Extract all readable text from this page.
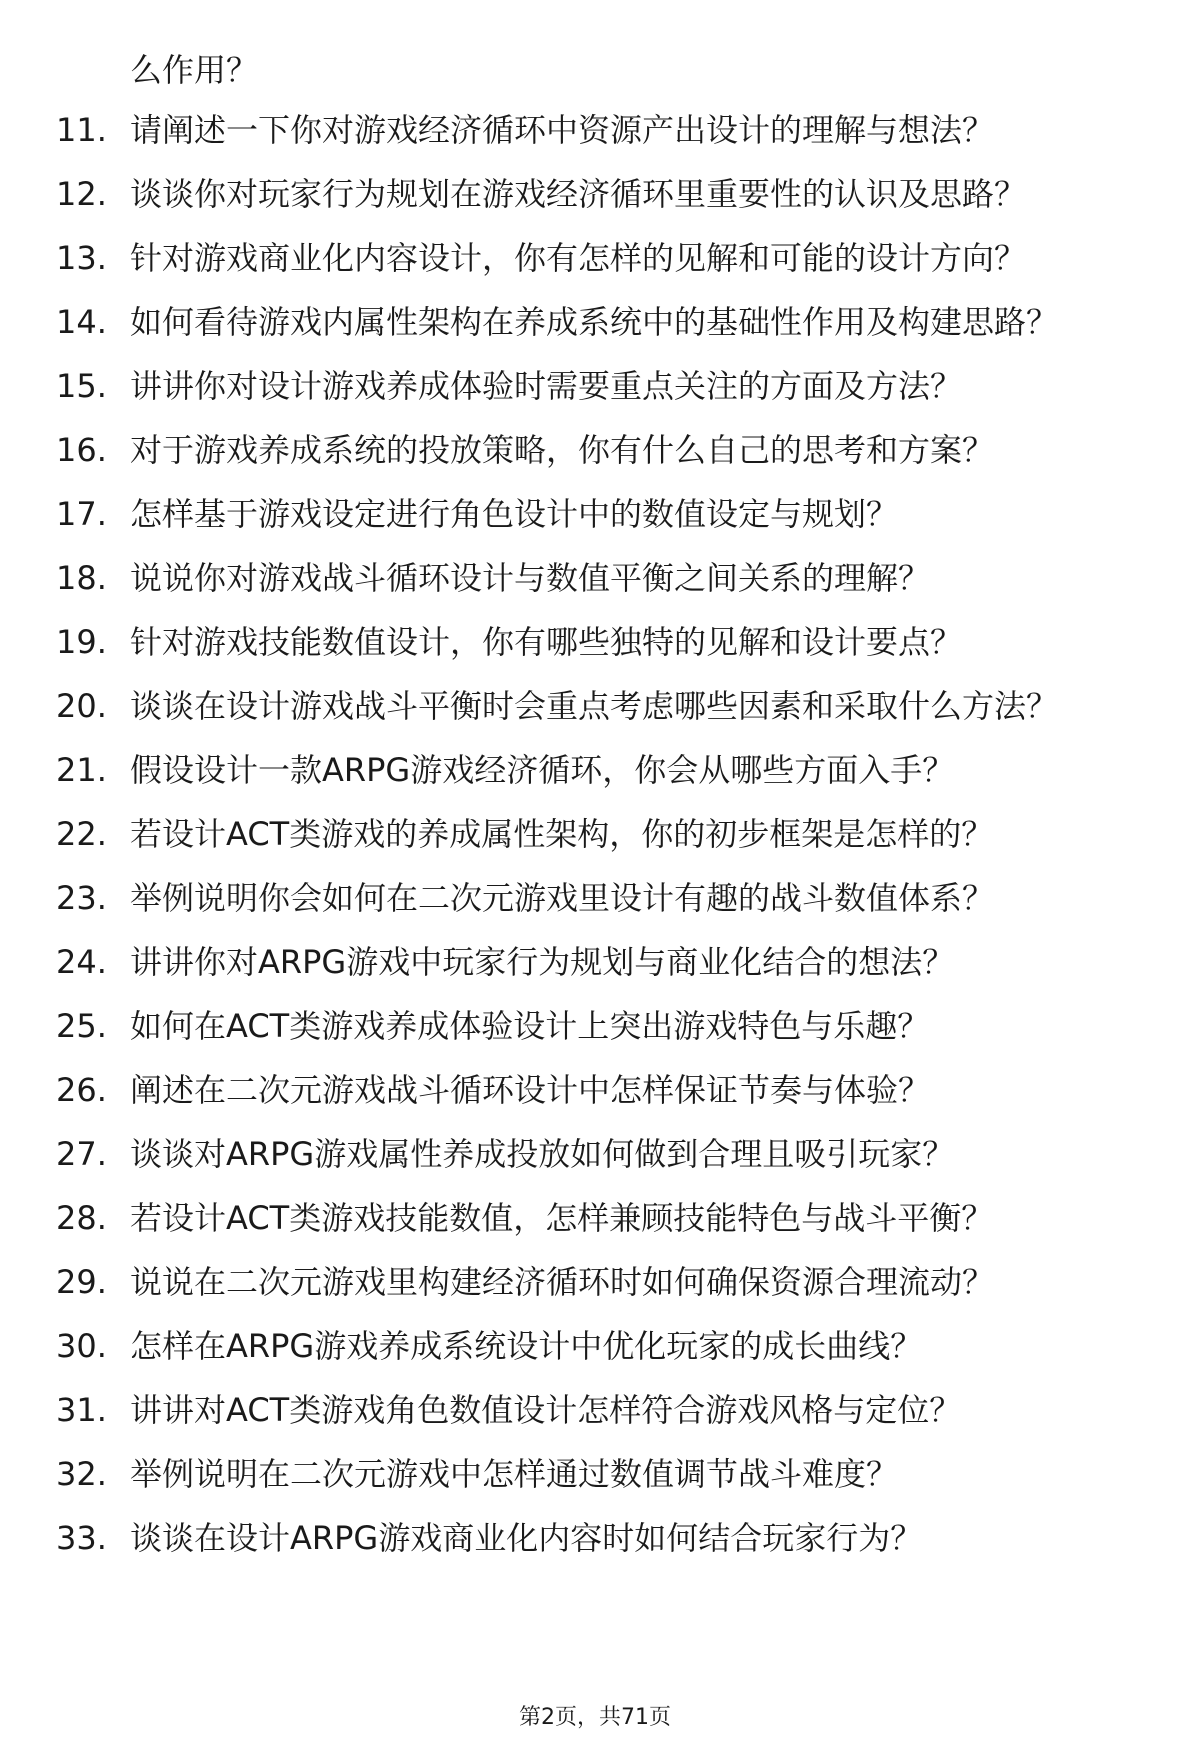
么作用？
11. 请阐述一下你对游戏经济循环中资源产出设计的理解与想法？
12. 谈谈你对玩家行为规划在游戏经济循环里重要性的认识及思路？
13. 针对游戏商业化内容设计，你有怎样的见解和可能的设计方向？
14. 如何看待游戏内属性架构在养成系统中的基础性作用及构建思路？
15. 讲讲你对设计游戏养成体验时需要重点关注的方面及方法？
16. 对于游戏养成系统的投放策略，你有什么自己的思考和方案？
17. 怎样基于游戏设定进行角色设计中的数值设定与规划？
18. 说说你对游戏战斗循环设计与数值平衡之间关系的理解？
19. 针对游戏技能数值设计，你有哪些独特的见解和设计要点？
20. 谈谈在设计游戏战斗平衡时会重点考虑哪些因素和采取什么方法？
21. 假设设计一款ARPG游戏经济循环，你会从哪些方面入手？
22. 若设计ACT类游戏的养成属性架构，你的初步框架是怎样的？
23. 举例说明你会如何在二次元游戏里设计有趣的战斗数值体系？
24. 讲讲你对ARPG游戏中玩家行为规划与商业化结合的想法？
25. 如何在ACT类游戏养成体验设计上突出游戏特色与乐趣？
26. 阐述在二次元游戏战斗循环设计中怎样保证节奏与体验？
27. 谈谈对ARPG游戏属性养成投放如何做到合理且吸引玩家？
28. 若设计ACT类游戏技能数值，怎样兼顾技能特色与战斗平衡？
29. 说说在二次元游戏里构建经济循环时如何确保资源合理流动？
30. 怎样在ARPG游戏养成系统设计中优化玩家的成长曲线？
31. 讲讲对ACT类游戏角色数值设计怎样符合游戏风格与定位？
32. 举例说明在二次元游戏中怎样通过数值调节战斗难度？
33. 谈谈在设计ARPG游戏商业化内容时如何结合玩家行为？
第2页，共71页
